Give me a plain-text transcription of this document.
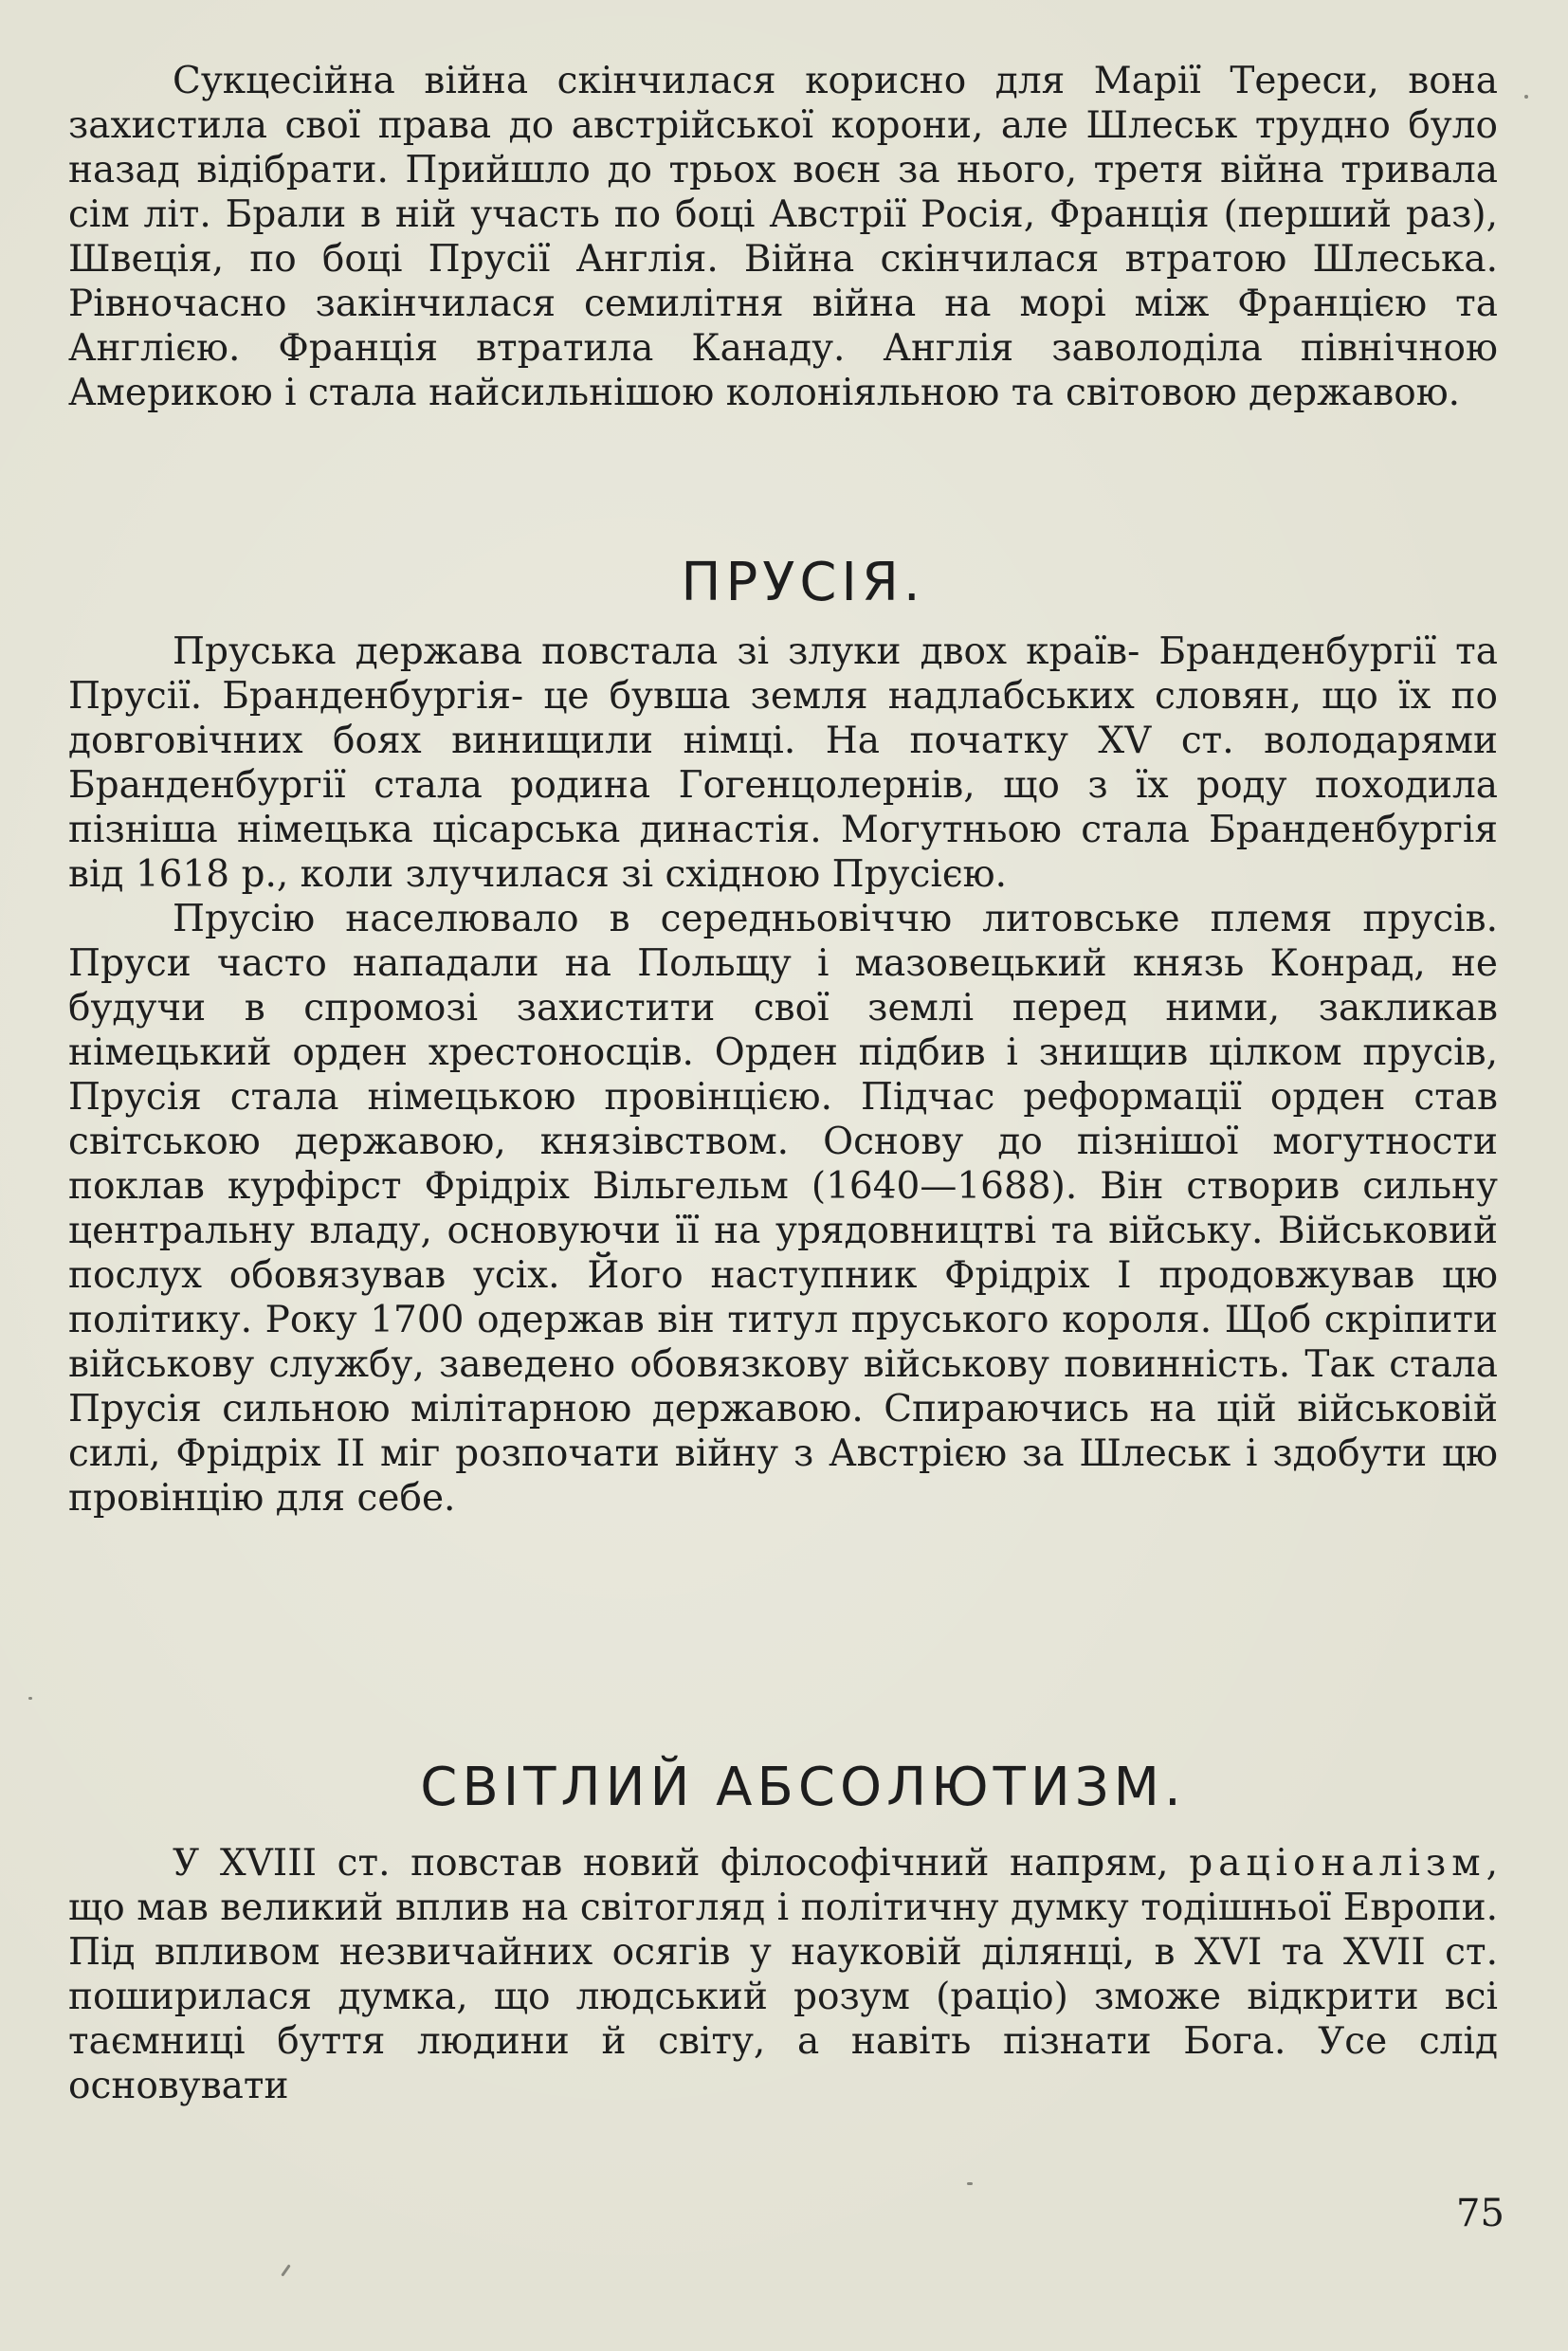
Сукцесійна війна скінчилася корисно для Марії Тереси, вона захистила свої права до австрійської корони, але Шлеськ трудно було назад відібрати. Прийшло до трьох воєн за нього, третя війна тривала сім літ. Брали в ній участь по боці Австрії Росія, Франція (перший раз), Швеція, по боці Прусії Англія. Війна скінчилася втратою Шлеська. Рівночасно закінчилася семилітня війна на морі між Францією та Англією. Франція втратила Канаду. Англія заволоділа північною Америкою і стала найсильнішою колоніяльною та світовою державою.

ПРУСІЯ.

Пруська держава повстала зі злуки двох країв- Бранденбургії та Прусії. Бранденбургія- це бувша земля надлабських словян, що їх по довговічних боях винищили німці. На початку XV ст. володарями Бранденбургії стала родина Гогенцолернів, що з їх роду походила пізніша німецька цісарська династія. Могутньою стала Бранденбургія від 1618 р., коли злучилася зі східною Прусією.

Прусію населювало в середньовіччю литовське племя прусів. Пруси часто нападали на Польщу і мазовецький князь Конрад, не будучи в спромозі захистити свої землі перед ними, закликав німецький орден хрестоносців. Орден підбив і знищив цілком прусів, Прусія стала німецькою провінцією. Підчас реформації орден став світською державою, князівством. Основу до пізнішої могутности поклав курфірст Фрідріх Вільгельм (1640—1688). Він створив сильну центральну владу, основуючи її на урядовництві та війську. Військовий послух обовязував усіх. Його наступник Фрідріх I продовжував цю політику. Року 1700 одержав він титул пруського короля. Щоб скріпити військову службу, заведено обовязкову військову повинність. Так стала Прусія сильною мілітарною державою. Спираючись на цій військовій силі, Фрідріх II міг розпочати війну з Австрією за Шлеськ і здобути цю провінцію для себе.

СВІТЛИЙ АБСОЛЮТИЗМ.

У XVIII ст. повстав новий філософічний напрям, раціоналізм, що мав великий вплив на світогляд і політичну думку тодішньої Европи. Під впливом незвичайних осягів у науковій ділянці, в XVI та XVII ст. поширилася думка, що людський розум (раціо) зможе відкрити всі таємниці буття людини й світу, а навіть пізнати Бога. Усе слід основувати

75
